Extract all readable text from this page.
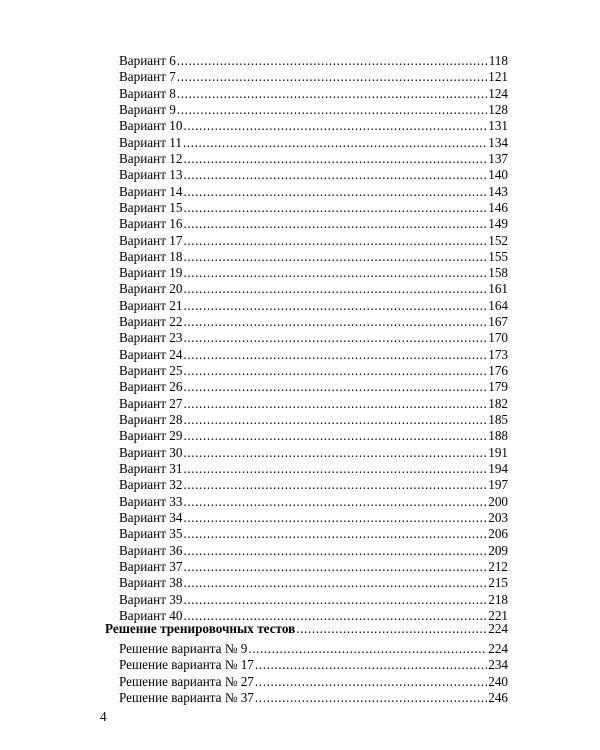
Вариант 6 .....	118
Вариант 7 .....	121
Вариант 8 .....	124
Вариант 9 .....	128
Вариант 10 .....	131
Вариант 11 .....	134
Вариант 12 .....	137
Вариант 13 .....	140
Вариант 14 .....	143
Вариант 15 .....	146
Вариант 16 .....	149
Вариант 17 .....	152
Вариант 18 .....	155
Вариант 19 .....	158
Вариант 20 .....	161
Вариант 21 .....	164
Вариант 22 .....	167
Вариант 23 .....	170
Вариант 24 .....	173
Вариант 25 .....	176
Вариант 26 .....	179
Вариант 27 .....	182
Вариант 28 .....	185
Вариант 29 .....	188
Вариант 30 .....	191
Вариант 31 .....	194
Вариант 32 .....	197
Вариант 33 .....	200
Вариант 34 .....	203
Вариант 35 .....	206
Вариант 36 .....	209
Вариант 37 .....	212
Вариант 38 .....	215
Вариант 39 .....	218
Вариант 40 .....	221
Решение тренировочных тестов .....	224
Решение варианта № 9 .....	224
Решение варианта № 17 .....	234
Решение варианта № 27 .....	240
Решение варианта № 37 .....	246
4
